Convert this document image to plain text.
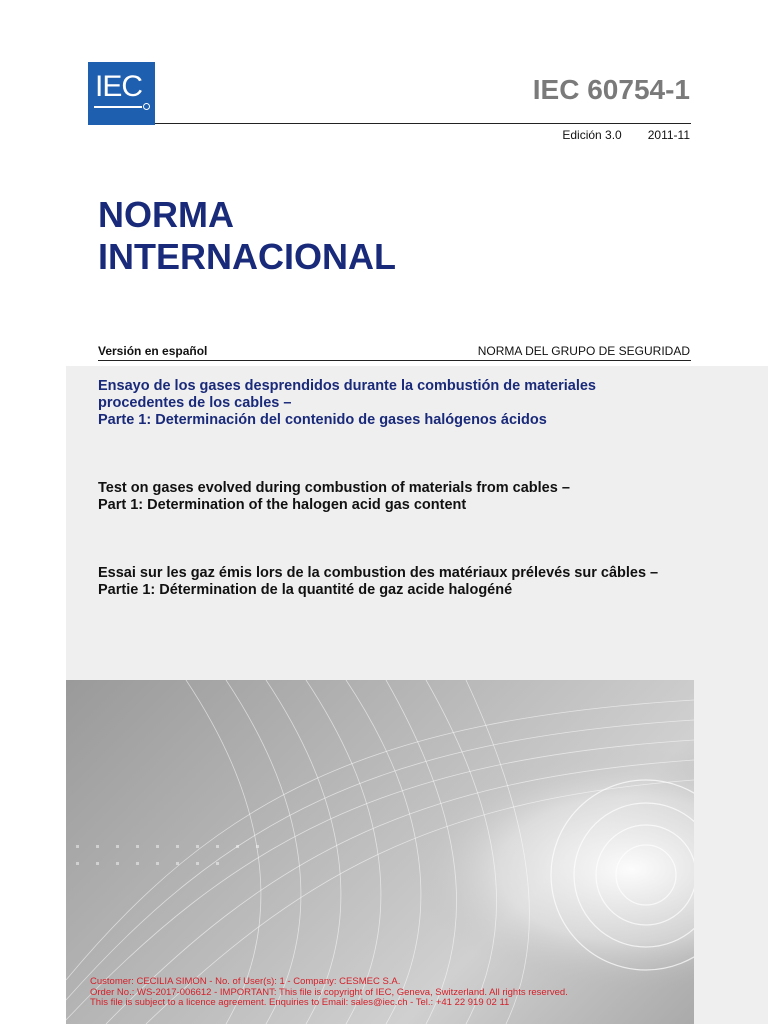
IEC	IEC 60754-1
Edición 3.0 2011-11
NORMA
INTERNACIONAL
Versión en español	NORMA DEL GRUPO DE SEGURIDAD
Ensayo de los gases desprendidos durante la combustión de materiales
procedentes de los cables –
Parte 1: Determinación del contenido de gases halógenos ácidos
Test on gases evolved during combustion of materials from cables –
Part 1: Determination of the halogen acid gas content
Essai sur les gaz émis lors de la combustion des matériaux prélevés sur câbles –
Partie 1: Détermination de la quantité de gaz acide halogéné
Customer: CECILIA SIMON - No. of User(s): 1 - Company: CESMEC S.A.
Order No.: WS-2017-006612 - IMPORTANT: This file is copyright of IEC, Geneva, Switzerland. All rights reserved.
This file is subject to a licence agreement. Enquiries to Email: sales@iec.ch - Tel.: +41 22 919 02 11
